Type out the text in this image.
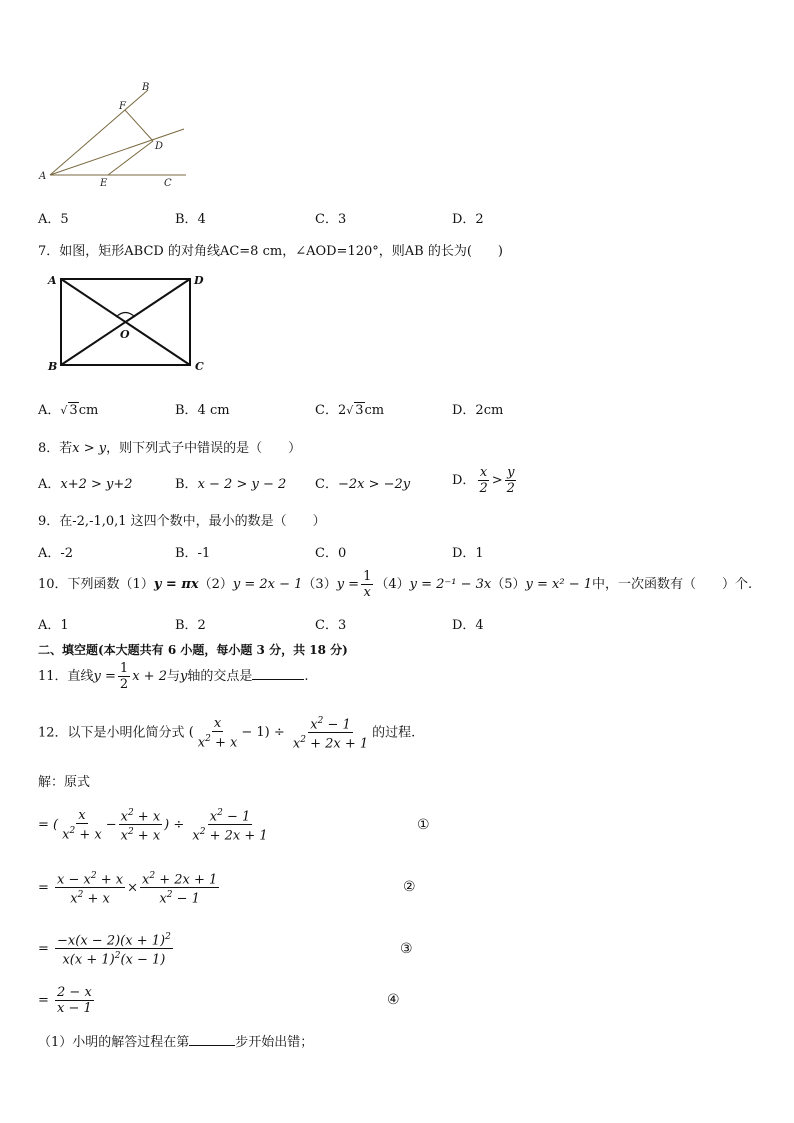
A
B
F
D
E	C
A．5	B．4	C．3	D．2
7．如图，矩形ABCD 的对角线AC=8 cm，∠AOD=120°，则AB 的长为(　　)
A	D
B	C
O
A．√ 3cm	B．4 cm	C．2√ 3cm	D．2cm
8．若x > y，则下列式子中错误的是（　　）
A．x+2 > y+2	B．x − 2 > y − 2 C．−2x > −2y	D． $\frac{x}{2} > \frac{y}{2}$
9．在-2,-1,0,1 这四个数中，最小的数是（　　）
A．-2	B．-1	C．0	D．1
10．下列函数$(1)y = \pi x(2)y = 2x - 1(3)y = \frac{1}{x} (4)y = 2^{-1} - 3x(5)y = x^2 - 1$中，一次函数有（　　）个.
A．1	B．2	C．3	D．4
二、填空题(本大题共有 6 小题，每小题 3 分，共 18 分)
11．直线$y = \frac{1}{2}$ x + 2与y轴的交点是	.
12．以下是小明化简分式 ( $\frac{x}{x^2 + x} - 1) \div \frac{x^2 - 1}{x^2 + 2x + 1}$ 的过程.
解：原式
= ( $\frac{x}{x^2 + x} - \frac{x^2 + x}{x^2 + x}$ ) ÷ $\frac{x^2 - 1}{x^2 + 2x + 1}$	①
= $\frac{x - x^2 + x}{x^2 + x} \times \frac{x^2 + 2x + 1}{x^2 - 1}$	②
= $\frac{-x(x - 2)(x + 1)^2}{x(x + 1)^2(x - 1)}$	③
= $\frac{2 - x}{x - 1}$	④
（1）小明的解答过程在第	步开始出错；
